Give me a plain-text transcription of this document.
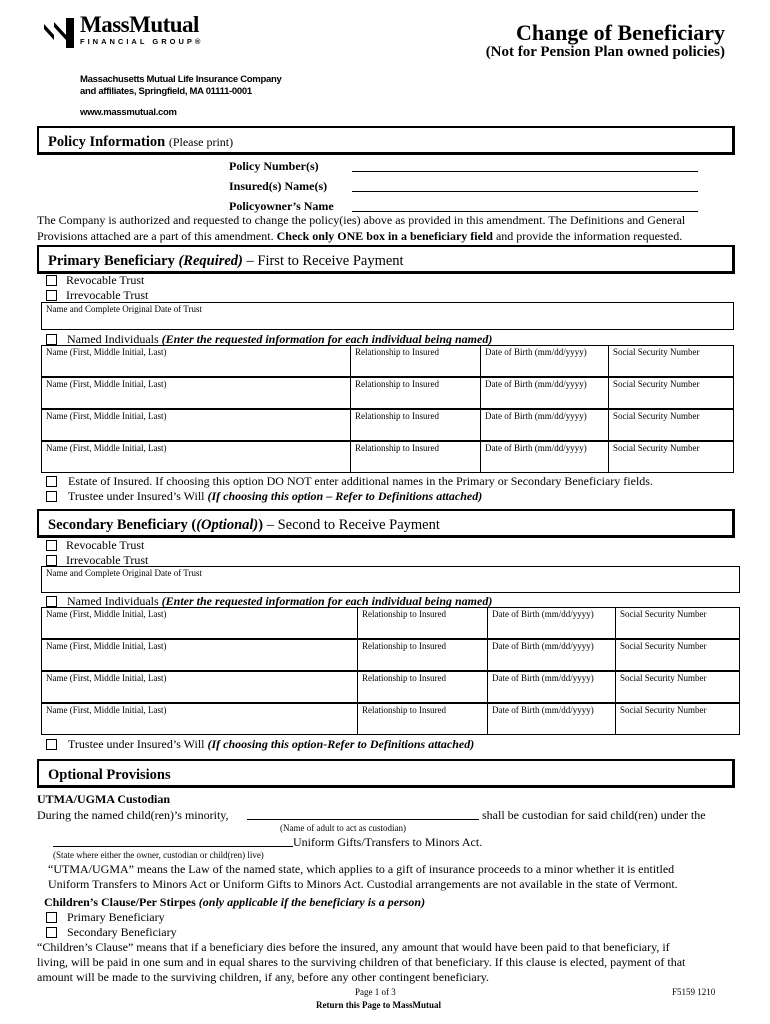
MassMutual
FINANCIAL GROUP®
Massachusetts Mutual Life Insurance Company
and affiliates, Springfield, MA 01111-0001
www.massmutual.com
Change of Beneficiary
(Not for Pension Plan owned policies)
Policy Information (Please print)
Policy Number(s)
Insured(s) Name(s)
Policyowner’s Name
The Company is authorized and requested to change the policy(ies) above as provided in this amendment. The Definitions and General
Provisions attached are a part of this amendment. Check only ONE box in a beneficiary field and provide the information requested.
Primary Beneficiary (Required) – First to Receive Payment
Revocable Trust
Irrevocable Trust
Name and Complete Original Date of Trust
Named Individuals (Enter the requested information for each individual being named)
Name (First, Middle Initial, Last)	Relationship to Insured	Date of Birth (mm/dd/yyyy)	Social Security Number
Name (First, Middle Initial, Last)	Relationship to Insured	Date of Birth (mm/dd/yyyy)	Social Security Number
Name (First, Middle Initial, Last)	Relationship to Insured	Date of Birth (mm/dd/yyyy)	Social Security Number
Name (First, Middle Initial, Last)	Relationship to Insured	Date of Birth (mm/dd/yyyy)	Social Security Number
Estate of Insured. If choosing this option DO NOT enter additional names in the Primary or Secondary Beneficiary fields.
Trustee under Insured’s Will (If choosing this option – Refer to Definitions attached)
Secondary Beneficiary ((Optional)) – Second to Receive Payment
Revocable Trust
Irrevocable Trust
Name and Complete Original Date of Trust
Named Individuals (Enter the requested information for each individual being named)
Name (First, Middle Initial, Last)	Relationship to Insured	Date of Birth (mm/dd/yyyy)	Social Security Number
Name (First, Middle Initial, Last)	Relationship to Insured	Date of Birth (mm/dd/yyyy)	Social Security Number
Name (First, Middle Initial, Last)	Relationship to Insured	Date of Birth (mm/dd/yyyy)	Social Security Number
Name (First, Middle Initial, Last)	Relationship to Insured	Date of Birth (mm/dd/yyyy)	Social Security Number
Trustee under Insured’s Will (If choosing this option-Refer to Definitions attached)
Optional Provisions
UTMA/UGMA Custodian
During the named child(ren)’s minority,	shall be custodian for said child(ren) under the
(Name of adult to act as custodian)
Uniform Gifts/Transfers to Minors Act.
(State where either the owner, custodian or child(ren) live)
“UTMA/UGMA” means the Law of the named state, which applies to a gift of insurance proceeds to a minor whether it is entitled
Uniform Transfers to Minors Act or Uniform Gifts to Minors Act. Custodial arrangements are not available in the state of Vermont.
Children’s Clause/Per Stirpes (only applicable if the beneficiary is a person)
Primary Beneficiary
Secondary Beneficiary
“Children’s Clause” means that if a beneficiary dies before the insured, any amount that would have been paid to that beneficiary, if
living, will be paid in one sum and in equal shares to the surviving children of that beneficiary. If this clause is elected, payment of that
amount will be made to the surviving children, if any, before any other contingent beneficiary.
Page 1 of 3	F5159 1210
Return this Page to MassMutual
